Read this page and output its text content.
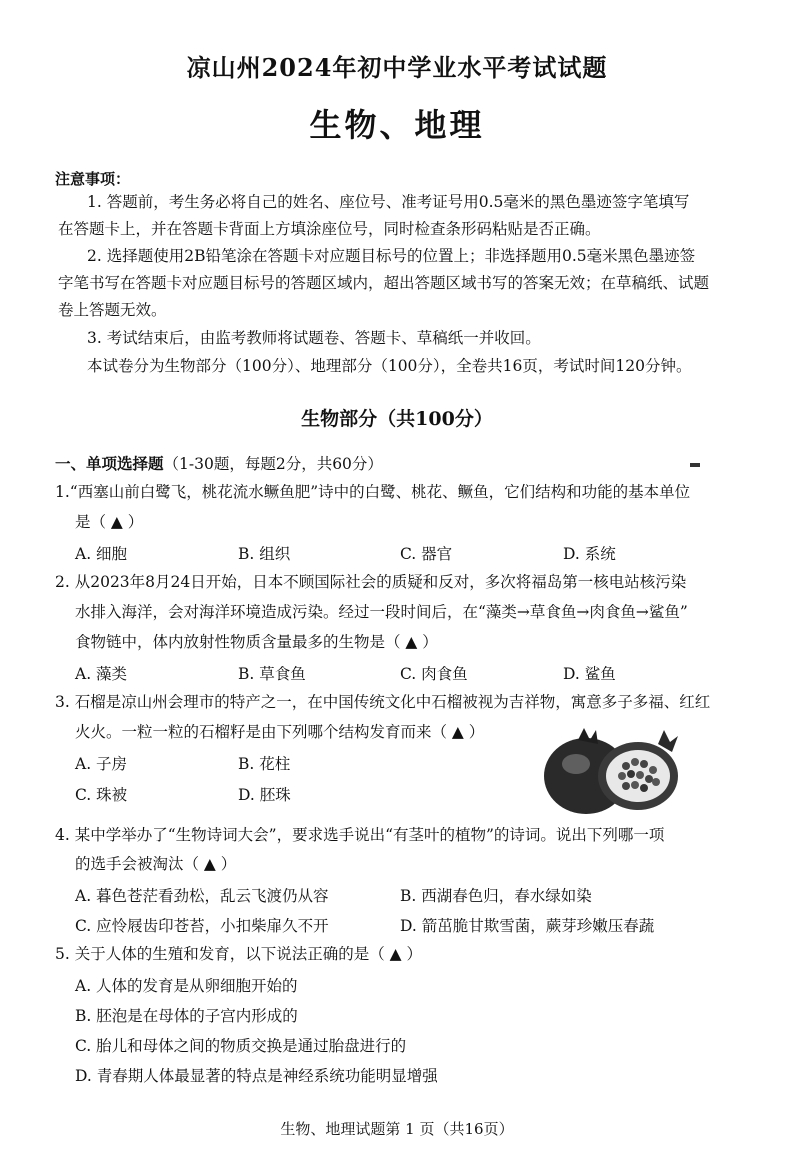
凉山州2024年初中学业水平考试试题
生物、地理
注意事项：
1. 答题前，考生务必将自己的姓名、座位号、准考证号用0.5毫米的黑色墨迹签字笔填写
在答题卡上，并在答题卡背面上方填涂座位号，同时检查条形码粘贴是否正确。
2. 选择题使用2B铅笔涂在答题卡对应题目标号的位置上；非选择题用0.5毫米黑色墨迹签
字笔书写在答题卡对应题目标号的答题区域内，超出答题区域书写的答案无效；在草稿纸、试题
卷上答题无效。
3. 考试结束后，由监考教师将试题卷、答题卡、草稿纸一并收回。
本试卷分为生物部分（100分）、地理部分（100分），全卷共16页，考试时间120分钟。
生物部分（共100分）
一、单项选择题（1-30题，每题2分，共60分）
1.“西塞山前白鹭飞，桃花流水鳜鱼肥”诗中的白鹭、桃花、鳜鱼，它们结构和功能的基本单位
是（ ▲ ）
A. 细胞	B. 组织	C. 器官	D. 系统
2. 从2023年8月24日开始，日本不顾国际社会的质疑和反对，多次将福岛第一核电站核污染
水排入海洋，会对海洋环境造成污染。经过一段时间后，在“藻类→草食鱼→肉食鱼→鲨鱼”
食物链中，体内放射性物质含量最多的生物是（ ▲ ）
A. 藻类	B. 草食鱼	C. 肉食鱼	D. 鲨鱼
3. 石榴是凉山州会理市的特产之一，在中国传统文化中石榴被视为吉祥物，寓意多子多福、红红
火火。一粒一粒的石榴籽是由下列哪个结构发育而来（ ▲ ）
A. 子房	B. 花柱
C. 珠被	D. 胚珠
4. 某中学举办了“生物诗词大会”，要求选手说出“有茎叶的植物”的诗词。说出下列哪一项
的选手会被淘汰（ ▲ ）
A. 暮色苍茫看劲松，乱云飞渡仍从容	B. 西湖春色归，春水绿如染
C. 应怜屐齿印苍苔，小扣柴扉久不开	D. 箭茁脆甘欺雪菌，蕨芽珍嫩压春蔬
5. 关于人体的生殖和发育，以下说法正确的是（ ▲ ）
A. 人体的发育是从卵细胞开始的
B. 胚泡是在母体的子宫内形成的
C. 胎儿和母体之间的物质交换是通过胎盘进行的
D. 青春期人体最显著的特点是神经系统功能明显增强
生物、地理试题第 1 页（共16页）
